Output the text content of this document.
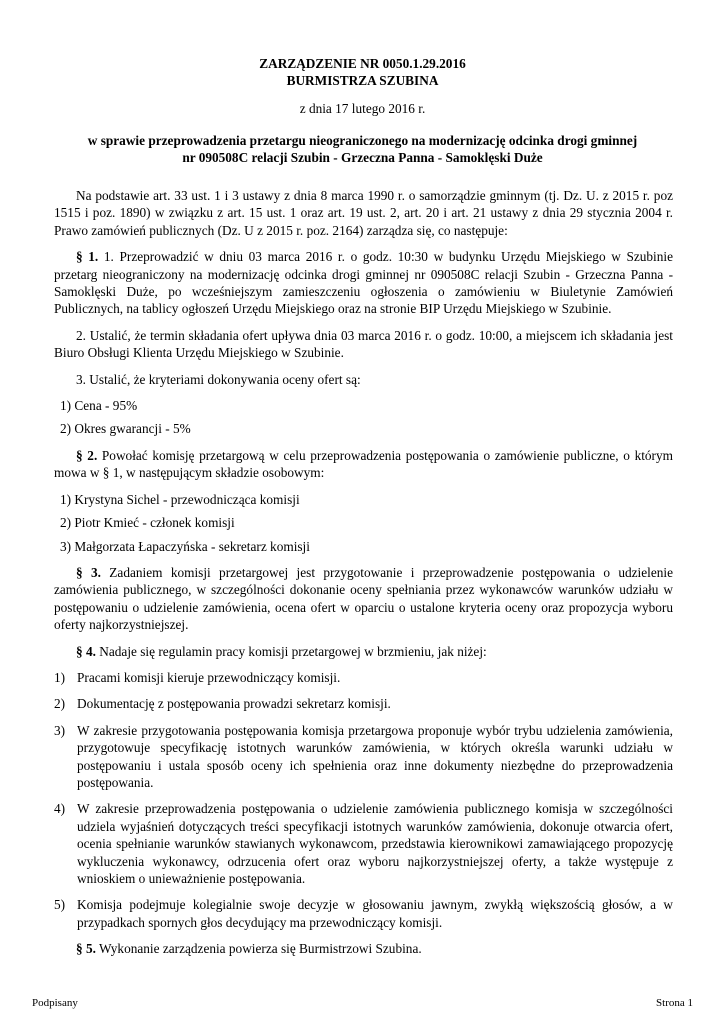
ZARZĄDZENIE NR 0050.1.29.2016
BURMISTRZA SZUBINA
z dnia 17 lutego 2016 r.
w sprawie przeprowadzenia przetargu nieograniczonego na modernizację odcinka drogi gminnej
nr 090508C relacji Szubin - Grzeczna Panna - Samoklęski Duże

Na podstawie art. 33 ust. 1 i 3 ustawy z dnia 8 marca 1990 r. o samorządzie gminnym (tj. Dz. U. z 2015 r. poz 1515 i poz. 1890) w związku z art. 15 ust. 1 oraz art. 19 ust. 2, art. 20 i art. 21 ustawy z dnia 29 stycznia 2004 r. Prawo zamówień publicznych (Dz. U z 2015 r. poz. 2164) zarządza się, co następuje:

§ 1. 1. Przeprowadzić w dniu 03 marca 2016 r. o godz. 10:30 w budynku Urzędu Miejskiego w Szubinie przetarg nieograniczony na modernizację odcinka drogi gminnej nr 090508C relacji Szubin - Grzeczna Panna - Samoklęski Duże, po wcześniejszym zamieszczeniu ogłoszenia o zamówieniu w Biuletynie Zamówień Publicznych, na tablicy ogłoszeń Urzędu Miejskiego oraz na stronie BIP Urzędu Miejskiego w Szubinie.

2. Ustalić, że termin składania ofert upływa dnia 03 marca 2016 r. o godz. 10:00, a miejscem ich składania jest Biuro Obsługi Klienta Urzędu Miejskiego w Szubinie.

3. Ustalić, że kryteriami dokonywania oceny ofert są:

1) Cena - 95%
2) Okres gwarancji - 5%

§ 2. Powołać komisję przetargową w celu przeprowadzenia postępowania o zamówienie publiczne, o którym mowa w § 1, w następującym składzie osobowym:

1) Krystyna Sichel - przewodnicząca komisji
2) Piotr Kmieć - członek komisji
3) Małgorzata Łapaczyńska - sekretarz komisji

§ 3. Zadaniem komisji przetargowej jest przygotowanie i przeprowadzenie postępowania o udzielenie zamówienia publicznego, w szczególności dokonanie oceny spełniania przez wykonawców warunków udziału w postępowaniu o udzielenie zamówienia, ocena ofert w oparciu o ustalone kryteria oceny oraz propozycja wyboru oferty najkorzystniejszej.

§ 4. Nadaje się regulamin pracy komisji przetargowej w brzmieniu, jak niżej:

1) Pracami komisji kieruje przewodniczący komisji.
2) Dokumentację z postępowania prowadzi sekretarz komisji.
3) W zakresie przygotowania postępowania komisja przetargowa proponuje wybór trybu udzielenia zamówienia, przygotowuje specyfikację istotnych warunków zamówienia, w których określa warunki udziału w postępowaniu i ustala sposób oceny ich spełnienia oraz inne dokumenty niezbędne do przeprowadzenia postępowania.
4) W zakresie przeprowadzenia postępowania o udzielenie zamówienia publicznego komisja w szczególności udziela wyjaśnień dotyczących treści specyfikacji istotnych warunków zamówienia, dokonuje otwarcia ofert, ocenia spełnianie warunków stawianych wykonawcom, przedstawia kierownikowi zamawiającego propozycję wykluczenia wykonawcy, odrzucenia ofert oraz wyboru najkorzystniejszej oferty, a także występuje z wnioskiem o unieważnienie postępowania.
5) Komisja podejmuje kolegialnie swoje decyzje w głosowaniu jawnym, zwykłą większością głosów, a w przypadkach spornych głos decydujący ma przewodniczący komisji.

§ 5. Wykonanie zarządzenia powierza się Burmistrzowi Szubina.

Podpisany	Strona 1
